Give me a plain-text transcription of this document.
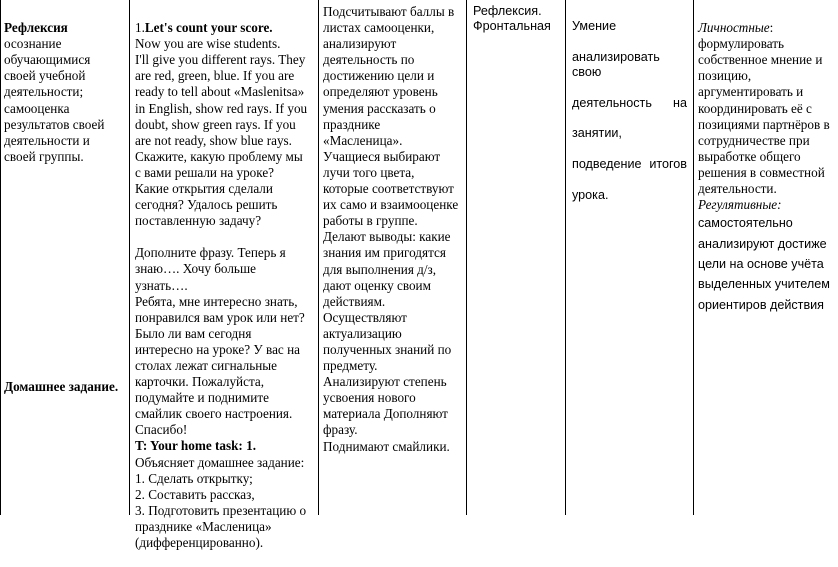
Рефлексия
осознание
обучающимися
своей учебной
деятельности;
самооценка
результатов своей
деятельности и
своей группы.

Домашнее задание.

1.Let's count your score.
Now you are wise students.
I'll give you different rays. They
are red, green, blue. If you are
ready to tell about «Maslenitsa»
in English, show red rays. If you
doubt, show green rays. If you
are not ready, show blue rays.
Скажите, какую проблему мы
с вами решали на уроке?
Какие открытия сделали
сегодня? Удалось решить
поставленную задачу?
Дополните фразу. Теперь я
знаю…. Хочу больше
узнать….
Ребята, мне интересно знать,
понравился вам урок или нет?
Было ли вам сегодня
интересно на уроке? У вас на
столах лежат сигнальные
карточки. Пожалуйста,
подумайте и поднимите
смайлик своего настроения.
Спасибо!
T: Your home task: 1.
Объясняет домашнее задание:
1. Сделать открытку;
2. Составить рассказ,
3. Подготовить презентацию о
празднике «Масленица»
(дифференцированно).

Подсчитывают баллы в
листах самооценки,
анализируют
деятельность по
достижению цели и
определяют уровень
умения рассказать о
празднике
«Масленица».
Учащиеся выбирают
лучи того цвета,
которые соответствуют
их само и взаимооценке
работы в группе.
Делают выводы: какие
знания им пригодятся
для выполнения д/з,
дают оценку своим
действиям.
Осуществляют
актуализацию
полученных знаний по
предмету.
Анализируют степень
усвоения нового
материала Дополняют
фразу.
Поднимают смайлики.
Рефлексия.
Фронтальная	Умение

анализировать свою

деятельность на

занятии,

подведение итогов

урока.

Личностные:
формулировать
собственное мнение и
позицию,
аргументировать и
координировать её с
позициями партнёров в
сотрудничестве при
выработке общего
решения в совместной
деятельности.
Регулятивные:
самостоятельно
анализируют достиже
цели на основе учёта
выделенных учителем
ориентиров действия
